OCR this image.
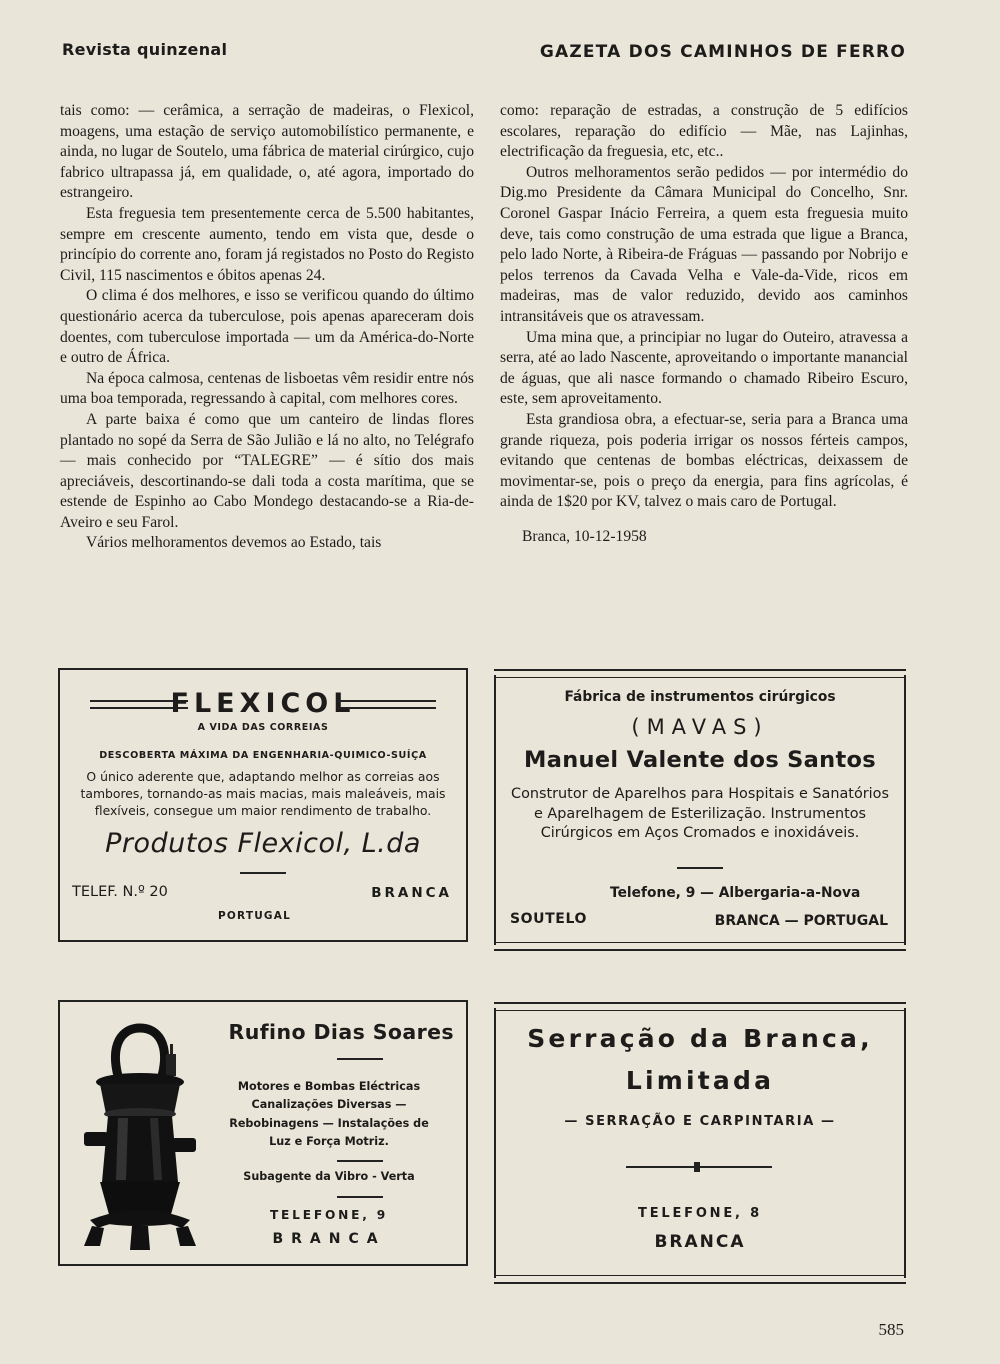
Revista quinzenal	GAZETA DOS CAMINHOS DE FERRO

tais como: — cerâmica, a serração de madeiras, o Flexicol, moagens, uma estação de serviço automobilístico permanente, e ainda, no lugar de Soutelo, uma fábrica de material cirúrgico, cujo fabrico ultrapassa já, em qualidade, o, até agora, importado do estrangeiro.

Esta freguesia tem presentemente cerca de 5.500 habitantes, sempre em crescente aumento, tendo em vista que, desde o princípio do corrente ano, foram já registados no Posto do Registo Civil, 115 nascimentos e óbitos apenas 24.

O clima é dos melhores, e isso se verificou quando do último questionário acerca da tuberculose, pois apenas apareceram dois doentes, com tuberculose importada — um da América-do-Norte e outro de África.

Na época calmosa, centenas de lisboetas vêm residir entre nós uma boa temporada, regressando à capital, com melhores cores.

A parte baixa é como que um canteiro de lindas flores plantado no sopé da Serra de São Julião e lá no alto, no Telégrafo — mais conhecido por “TALEGRE” — é sítio dos mais apreciáveis, descortinando-se dali toda a costa marítima, que se estende de Espinho ao Cabo Mondego destacando-se a Ria-de-Aveiro e seu Farol.

Vários melhoramentos devemos ao Estado, tais

como: reparação de estradas, a construção de 5 edifícios escolares, reparação do edifício — Mãe, nas Lajinhas, electrificação da freguesia, etc, etc..

Outros melhoramentos serão pedidos — por intermédio do Dig.mo Presidente da Câmara Municipal do Concelho, Snr. Coronel Gaspar Inácio Ferreira, a quem esta freguesia muito deve, tais como construção de uma estrada que ligue a Branca, pelo lado Norte, à Ribeira-de Fráguas — passando por Nobrijo e pelos terrenos da Cavada Velha e Vale-da-Vide, ricos em madeiras, mas de valor reduzido, devido aos caminhos intransitáveis que os atravessam.

Uma mina que, a principiar no lugar do Outeiro, atravessa a serra, até ao lado Nascente, aproveitando o importante manancial de águas, que ali nasce formando o chamado Ribeiro Escuro, este, sem aproveitamento.

Esta grandiosa obra, a efectuar-se, seria para a Branca uma grande riqueza, pois poderia irrigar os nossos férteis campos, evitando que centenas de bombas eléctricas, deixassem de movimentar-se, pois o preço da energia, para fins agrícolas, é ainda de 1$20 por KV, talvez o mais caro de Portugal.

Branca, 10-12-1958

FLEXICOL
A VIDA DAS CORREIAS
DESCOBERTA MÁXIMA DA ENGENHARIA-QUIMICO-SUÍÇA
O único aderente que, adaptando melhor as correias aos tambores, tornando-as mais macias, mais maleáveis, mais flexíveis, consegue um maior rendimento de trabalho.
Produtos Flexicol, L.da
TELEF. N.º 20	BRANCA
PORTUGAL
Fábrica de instrumentos cirúrgicos
(MAVAS)
Manuel Valente dos Santos
Construtor de Aparelhos para Hospitais e Sanatórios e Aparelhagem de Esterilização. Instrumentos Cirúrgicos em Aços Cromados e inoxidáveis.
Telefone, 9 — Albergaria-a-Nova
SOUTELO	BRANCA — PORTUGAL
Rufino Dias Soares
Motores e Bombas Eléctricas Canalizações Diversas — Rebobinagens — Instalações de Luz e Força Motriz.
Subagente da Vibro - Verta
TELEFONE, 9
BRANCA
Serração da Branca,
Limitada
— SERRAÇÃO E CARPINTARIA —
TELEFONE, 8
BRANCA
585
